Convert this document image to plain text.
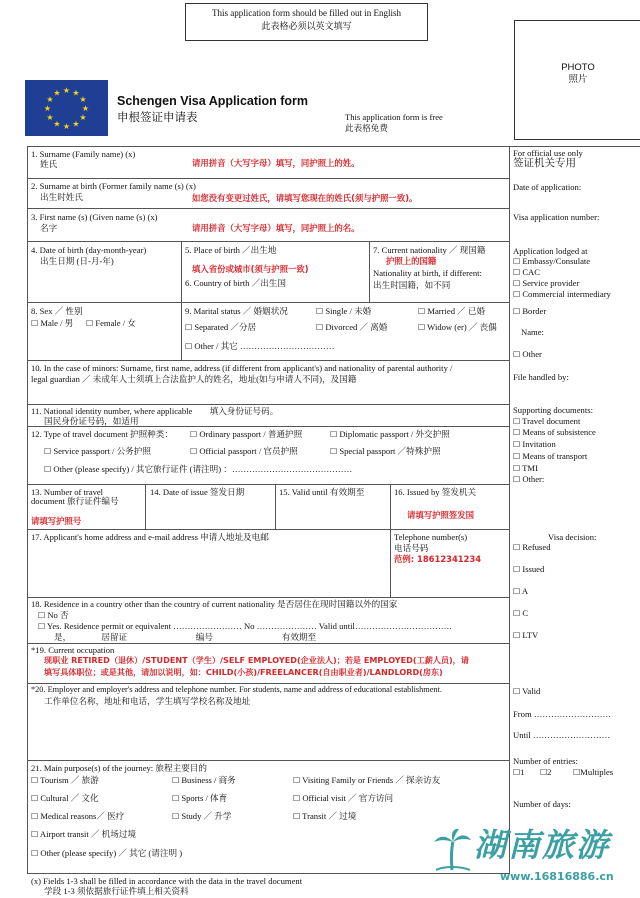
This application form should be filled out in English
此表格必须以英文填写
PHOTO
照片
★ ★
★
★
★
★
★
★
★
★
★
★
Schengen Visa Application form
申根签证申请表	This application form is free
此表格免费
1. Surname (Family name) (x)
姓氏	请用拼音（大写字母）填写，同护照上的姓。
2. Surname at birth (Former family name (s) (x)
出生时姓氏	如您没有变更过姓氏，请填写您现在的姓氏(须与护照一致)。
3. First name (s) (Given name (s) (x)
名字	请用拼音（大写字母）填写，同护照上的名。
4. Date of birth (day-month-year)
出生日期 (日-月-年)
5. Place of birth ／出生地
填入省份或城市(须与护照一致)
6. Country of birth ／出生国
7. Current nationality ／ 现国籍
护照上的国籍
Nationality at birth, if different:
出生时国籍，如不同
8. Sex ／ 性别
☐ Male / 男 ☐ Female / 女
9. Marital status ／ 婚姻状况	☐ Single / 未婚	☐ Married ／ 已婚
☐ Separated ／分居	☐ Divorced ／ 离婚	☐ Widow (er) ／ 丧偶
☐ Other / 其它 ……………………………
10. In the case of minors: Surname, first name, address (if different from applicant's) and nationality of parental authority /
legal guardian ／ 未成年人士须填上合法监护人的姓名，地址(如与申请人不同)，及国籍
11. National identity number, where applicable　　 填入身份证号码。
国民身份证号码，如适用
12. Type of travel document 护照种类： ☐ Ordinary passport / 普通护照	☐ Diplomatic passport / 外交护照
☐ Service passport / 公务护照	☐ Official passport / 官员护照	☐ Special passport ／特殊护照
☐ Other (please specify) / 其它旅行证件 (请注明) ：……………………………………
13. Number of travel
document 旅行证件编号
请填写护照号
14. Date of issue 签发日期	15. Valid until 有效期至	16. Issued by 签发机关
请填写护照签发国
17. Applicant's home address and e-mail address 申请人地址及电邮	Telephone number(s)
电话号码
范例: 18612341234
18. Residence in a country other than the country of current nationality 是否居住在现时国籍以外的国家
☐ No 否
☐ Yes. Residence permit or equivalent …………………… No ………………… Valid until…………………………….
是，　　　　居留证　　　　　　　　编号　　　　　　　　有效期至
*19. Current occupation
现职业 RETIRED（退休）/STUDENT（学生）/SELF EMPLOYED(企业法人)；若是 EMPLOYED(工薪人员)，请
填写具体职位；或是其他，请加以说明，如：CHILD(小孩)/FREELANCER(自由职业者)/LANDLORD(房东)
*20. Employer and employer's address and telephone number. For students, name and address of educational establishment.
工作单位名称，地址和电话，学生填写学校名称及地址
21. Main purpose(s) of the journey: 旅程主要目的
☐ Tourism ／ 旅游	☐ Business / 商务	☐ Visiting Family or Friends ／ 探亲访友
☐ Cultural ／ 文化	☐ Sports / 体育	☐ Official visit ／ 官方访问
☐ Medical reasons／ 医疗	☐ Study ／ 升学	☐ Transit ／ 过境
☐ Airport transit ／ 机场过境
☐ Other (please specify) ／ 其它 (请注明 )
(x) Fields 1-3 shall be filled in accordance with the data in the travel document
学段 1-3 须依据旅行证件填上相关资料
For official use only
签证机关专用
Date of application:
Visa application number:
Application lodged at
☐ Embassy/Consulate
☐ CAC
☐ Service provider
☐ Commercial intermediary
☐ Border
Name:
☐ Other
File handled by:
Supporting documents:
☐ Travel document
☐ Means of subsistence
☐ Invitation
☐ Means of transport
☐ TMI
☐ Other:
Visa decision:
☐ Refused
☐ Issued
☐ A
☐ C
☐ LTV
☐ Valid
From ………………………
Until ………………………
Number of entries:
☐1 ☐2	☐Multiples
Number of days:
湖南旅游
www.16816886.cn
